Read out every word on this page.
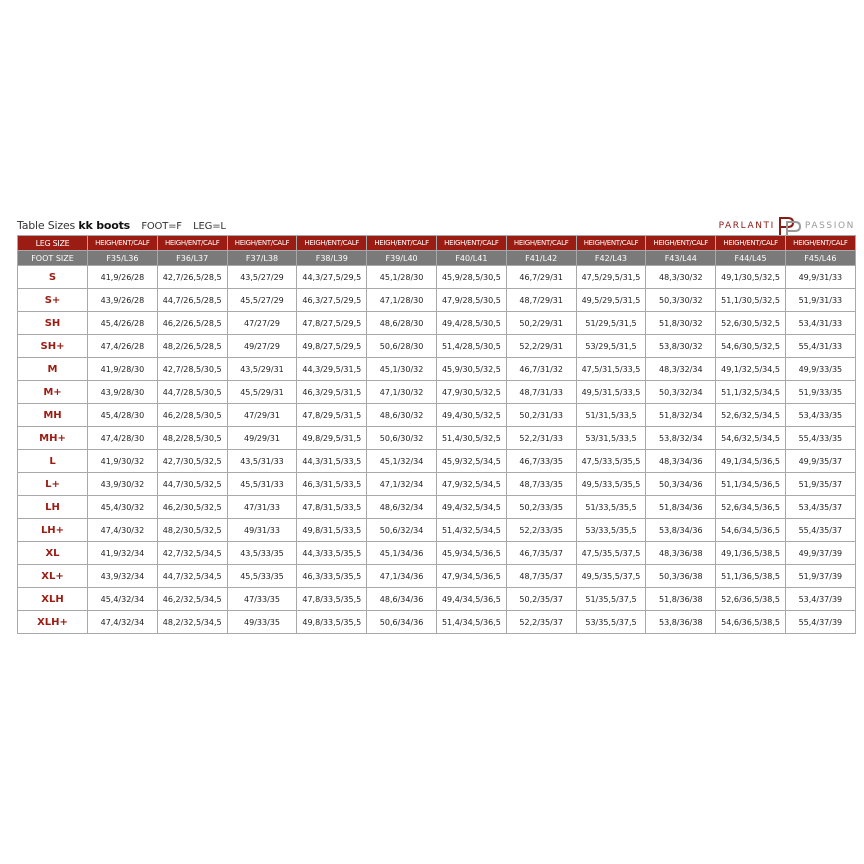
Table Sizes kk boots FOOT=F LEG=L	PARLANTI	PASSION
LEG SIZE	HEIGH/ENT/CALF	HEIGH/ENT/CALF	HEIGH/ENT/CALF	HEIGH/ENT/CALF	HEIGH/ENT/CALF	HEIGH/ENT/CALF	HEIGH/ENT/CALF	HEIGH/ENT/CALF	HEIGH/ENT/CALF	HEIGH/ENT/CALF	HEIGH/ENT/CALF
FOOT SIZE	F35/L36	F36/L37	F37/L38	F38/L39	F39/L40	F40/L41	F41/L42	F42/L43	F43/L44	F44/L45	F45/L46
S	41,9/26/28	42,7/26,5/28,5	43,5/27/29	44,3/27,5/29,5	45,1/28/30	45,9/28,5/30,5	46,7/29/31	47,5/29,5/31,5	48,3/30/32	49,1/30,5/32,5	49,9/31/33
S+	43,9/26/28	44,7/26,5/28,5	45,5/27/29	46,3/27,5/29,5	47,1/28/30	47,9/28,5/30,5	48,7/29/31	49,5/29,5/31,5	50,3/30/32	51,1/30,5/32,5	51,9/31/33
SH	45,4/26/28	46,2/26,5/28,5	47/27/29	47,8/27,5/29,5	48,6/28/30	49,4/28,5/30,5	50,2/29/31	51/29,5/31,5	51,8/30/32	52,6/30,5/32,5	53,4/31/33
SH+	47,4/26/28	48,2/26,5/28,5	49/27/29	49,8/27,5/29,5	50,6/28/30	51,4/28,5/30,5	52,2/29/31	53/29,5/31,5	53,8/30/32	54,6/30,5/32,5	55,4/31/33
M	41,9/28/30	42,7/28,5/30,5	43,5/29/31	44,3/29,5/31,5	45,1/30/32	45,9/30,5/32,5	46,7/31/32	47,5/31,5/33,5	48,3/32/34	49,1/32,5/34,5	49,9/33/35
M+	43,9/28/30	44,7/28,5/30,5	45,5/29/31	46,3/29,5/31,5	47,1/30/32	47,9/30,5/32,5	48,7/31/33	49,5/31,5/33,5	50,3/32/34	51,1/32,5/34,5	51,9/33/35
MH	45,4/28/30	46,2/28,5/30,5	47/29/31	47,8/29,5/31,5	48,6/30/32	49,4/30,5/32,5	50,2/31/33	51/31,5/33,5	51,8/32/34	52,6/32,5/34,5	53,4/33/35
MH+	47,4/28/30	48,2/28,5/30,5	49/29/31	49,8/29,5/31,5	50,6/30/32	51,4/30,5/32,5	52,2/31/33	53/31,5/33,5	53,8/32/34	54,6/32,5/34,5	55,4/33/35
L	41,9/30/32	42,7/30,5/32,5	43,5/31/33	44,3/31,5/33,5	45,1/32/34	45,9/32,5/34,5	46,7/33/35	47,5/33,5/35,5	48,3/34/36	49,1/34,5/36,5	49,9/35/37
L+	43,9/30/32	44,7/30,5/32,5	45,5/31/33	46,3/31,5/33,5	47,1/32/34	47,9/32,5/34,5	48,7/33/35	49,5/33,5/35,5	50,3/34/36	51,1/34,5/36,5	51,9/35/37
LH	45,4/30/32	46,2/30,5/32,5	47/31/33	47,8/31,5/33,5	48,6/32/34	49,4/32,5/34,5	50,2/33/35	51/33,5/35,5	51,8/34/36	52,6/34,5/36,5	53,4/35/37
LH+	47,4/30/32	48,2/30,5/32,5	49/31/33	49,8/31,5/33,5	50,6/32/34	51,4/32,5/34,5	52,2/33/35	53/33,5/35,5	53,8/34/36	54,6/34,5/36,5	55,4/35/37
XL	41,9/32/34	42,7/32,5/34,5	43,5/33/35	44,3/33,5/35,5	45,1/34/36	45,9/34,5/36,5	46,7/35/37	47,5/35,5/37,5	48,3/36/38	49,1/36,5/38,5	49,9/37/39
XL+	43,9/32/34	44,7/32,5/34,5	45,5/33/35	46,3/33,5/35,5	47,1/34/36	47,9/34,5/36,5	48,7/35/37	49,5/35,5/37,5	50,3/36/38	51,1/36,5/38,5	51,9/37/39
XLH	45,4/32/34	46,2/32,5/34,5	47/33/35	47,8/33,5/35,5	48,6/34/36	49,4/34,5/36,5	50,2/35/37	51/35,5/37,5	51,8/36/38	52,6/36,5/38,5	53,4/37/39
XLH+	47,4/32/34	48,2/32,5/34,5	49/33/35	49,8/33,5/35,5	50,6/34/36	51,4/34,5/36,5	52,2/35/37	53/35,5/37,5	53,8/36/38	54,6/36,5/38,5	55,4/37/39
